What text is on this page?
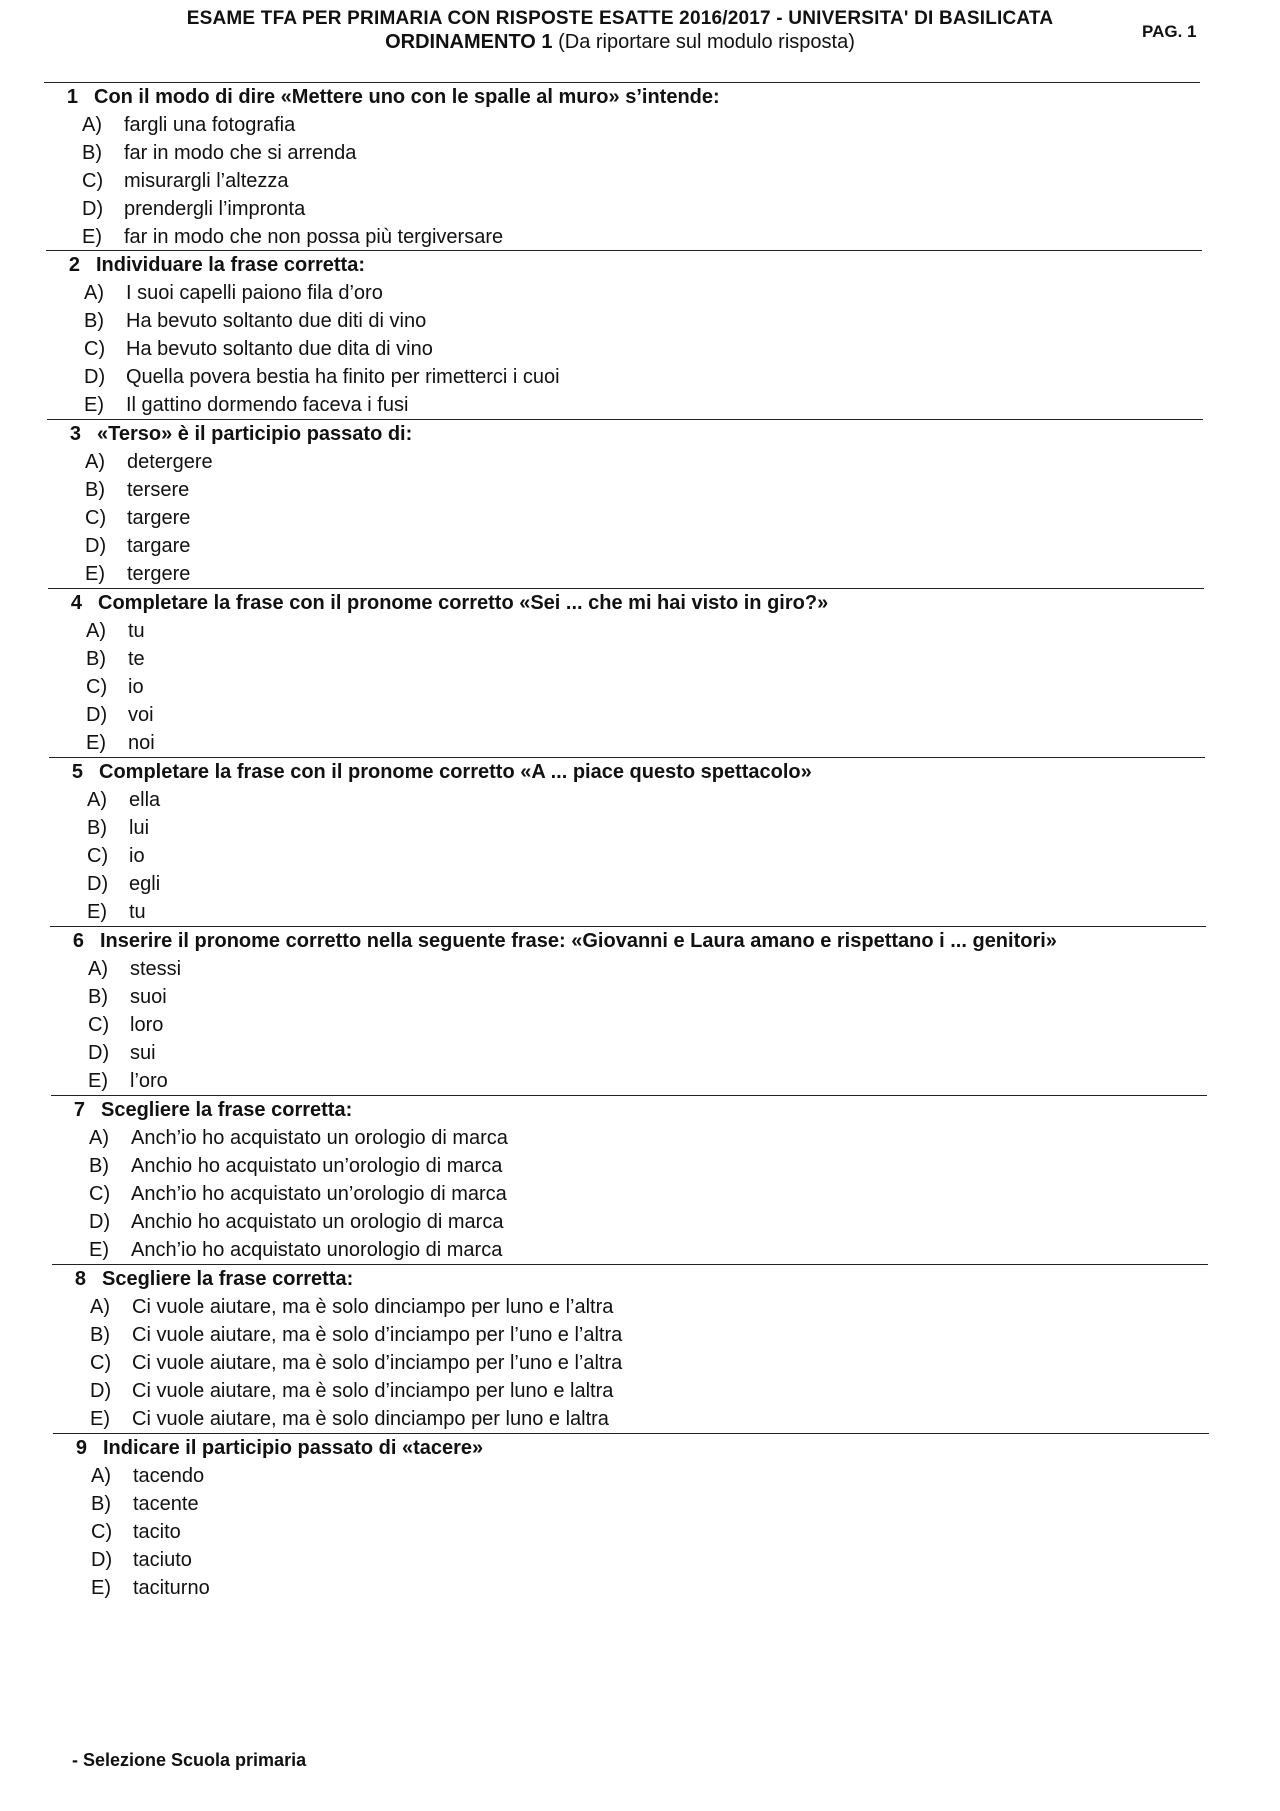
ESAME TFA PER PRIMARIA CON RISPOSTE ESATTE 2016/2017 - UNIVERSITA' DI BASILICATA
ORDINAMENTO 1 (Da riportare sul modulo risposta)	PAG. 1
1 Con il modo di dire «Mettere uno con le spalle al muro» s’intende:
A)	fargli una fotografia
B)	far in modo che si arrenda
C)	misurargli l’altezza
D)	prendergli l’impronta
E)	far in modo che non possa più tergiversare
2 Individuare la frase corretta:
A)	I suoi capelli paiono fila d’oro
B)	Ha bevuto soltanto due diti di vino
C)	Ha bevuto soltanto due dita di vino
D)	Quella povera bestia ha finito per rimetterci i cuoi
E)	Il gattino dormendo faceva i fusi
3 «Terso» è il participio passato di:
A)	detergere
B)	tersere
C)	targere
D)	targare
E)	tergere
4 Completare la frase con il pronome corretto «Sei ... che mi hai visto in giro?»
A)	tu
B)	te
C)	io
D)	voi
E)	noi
5 Completare la frase con il pronome corretto «A ... piace questo spettacolo»
A)	ella
B)	lui
C)	io
D)	egli
E)	tu
6 Inserire il pronome corretto nella seguente frase: «Giovanni e Laura amano e rispettano i ... genitori»
A)	stessi
B)	suoi
C)	loro
D)	sui
E)	l’oro
7 Scegliere la frase corretta:
A)	Anch’io ho acquistato un orologio di marca
B)	Anchio ho acquistato un’orologio di marca
C)	Anch’io ho acquistato un’orologio di marca
D)	Anchio ho acquistato un orologio di marca
E)	Anch’io ho acquistato unorologio di marca
8 Scegliere la frase corretta:
A)	Ci vuole aiutare, ma è solo dinciampo per luno e l’altra
B)	Ci vuole aiutare, ma è solo d’inciampo per l’uno e l’altra
C)	Ci vuole aiutare, ma è solo d’inciampo per l’uno e l’altra
D)	Ci vuole aiutare, ma è solo d’inciampo per luno e laltra
E)	Ci vuole aiutare, ma è solo dinciampo per luno e laltra
9 Indicare il participio passato di «tacere»
A)	tacendo
B)	tacente
C)	tacito
D)	taciuto
E)	taciturno
- Selezione Scuola primaria
